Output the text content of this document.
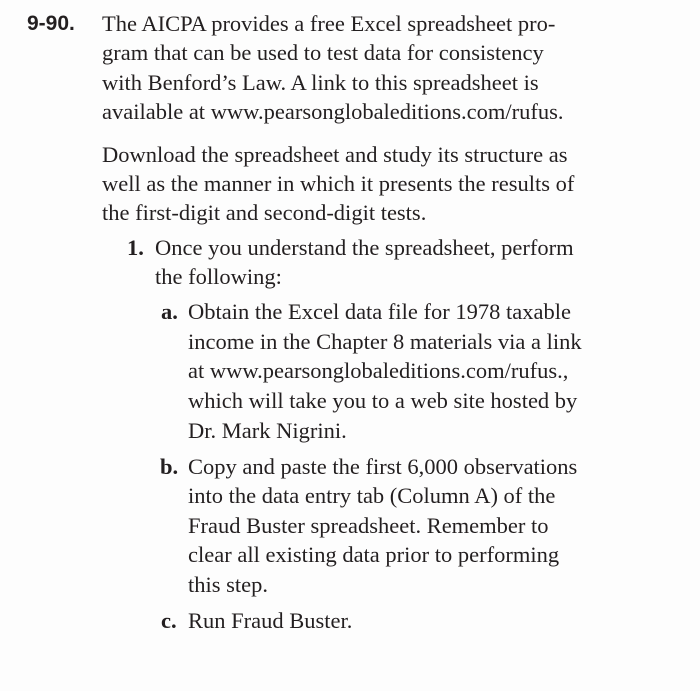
9-90. The AICPA provides a free Excel spreadsheet pro-
gram that can be used to test data for consistency
with Benford’s Law. A link to this spreadsheet is
available at www.pearsonglobaleditions.com/rufus.
Download the spreadsheet and study its structure as
well as the manner in which it presents the results of
the first-digit and second-digit tests.
1. Once you understand the spreadsheet, perform
the following:
a. Obtain the Excel data file for 1978 taxable
income in the Chapter 8 materials via a link
at www.pearsonglobaleditions.com/rufus.,
which will take you to a web site hosted by
Dr. Mark Nigrini.
b. Copy and paste the first 6,000 observations
into the data entry tab (Column A) of the
Fraud Buster spreadsheet. Remember to
clear all existing data prior to performing
this step.
c. Run Fraud Buster.
